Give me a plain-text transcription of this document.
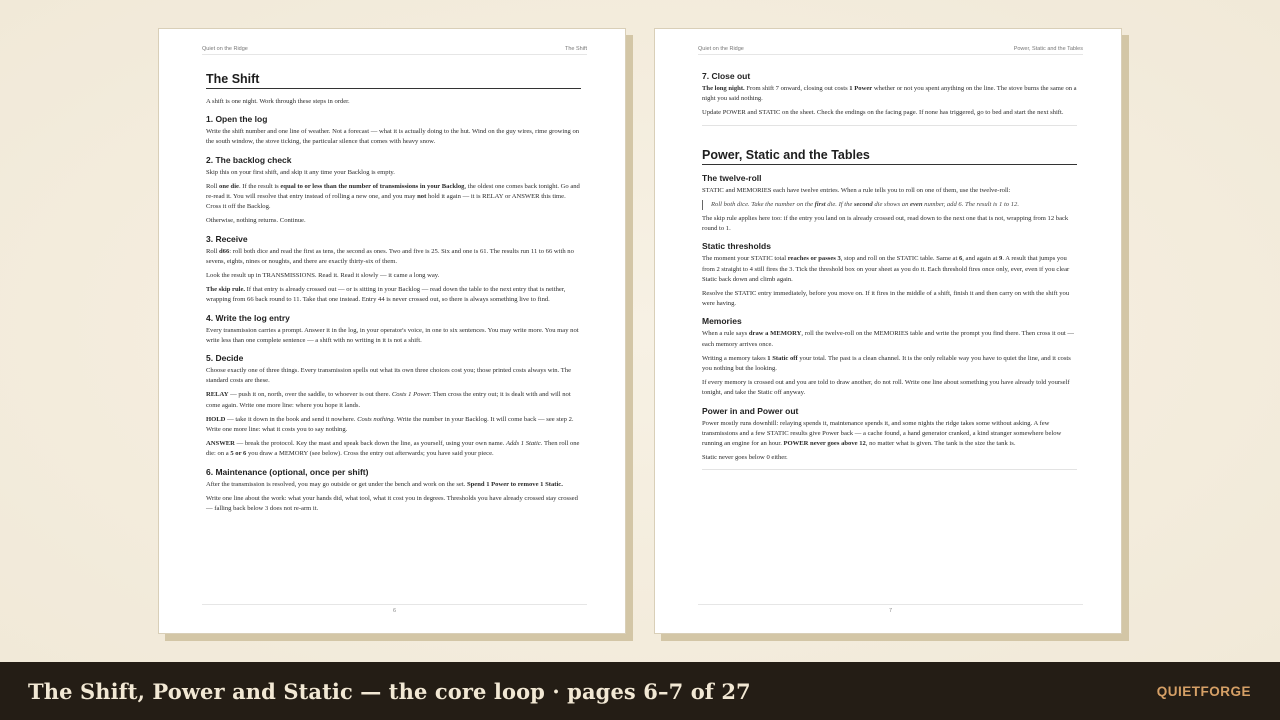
Quiet on the Ridge	The Shift
The Shift

A shift is one night. Work through these steps in order.

1. Open the log

Write the shift number and one line of weather. Not a forecast — what it is actually doing to the hut. Wind on the guy wires, rime growing on the south window, the stove ticking, the particular silence that comes with heavy snow.

2. The backlog check

Skip this on your first shift, and skip it any time your Backlog is empty.

Roll one die. If the result is equal to or less than the number of transmissions in your Backlog, the oldest one comes back tonight. Go and re-read it. You will resolve that entry instead of rolling a new one, and you may not hold it again — it is RELAY or ANSWER this time. Cross it off the Backlog.

Otherwise, nothing returns. Continue.

3. Receive

Roll d66: roll both dice and read the first as tens, the second as ones. Two and five is 25. Six and one is 61. The results run 11 to 66 with no sevens, eights, nines or noughts, and there are exactly thirty-six of them.

Look the result up in TRANSMISSIONS. Read it. Read it slowly — it came a long way.

The skip rule. If that entry is already crossed out — or is sitting in your Backlog — read down the table to the next entry that is neither, wrapping from 66 back round to 11. Take that one instead. Entry 44 is never crossed out, so there is always something live to find.

4. Write the log entry

Every transmission carries a prompt. Answer it in the log, in your operator's voice, in one to six sentences. You may write more. You may not write less than one complete sentence — a shift with no writing in it is not a shift.

5. Decide

Choose exactly one of three things. Every transmission spells out what its own three choices cost you; those printed costs always win. The standard costs are these.

RELAY — push it on, north, over the saddle, to whoever is out there. Costs 1 Power. Then cross the entry out; it is dealt with and will not come again. Write one more line: where you hope it lands.

HOLD — take it down in the book and send it nowhere. Costs nothing. Write the number in your Backlog. It will come back — see step 2. Write one more line: what it costs you to say nothing.

ANSWER — break the protocol. Key the mast and speak back down the line, as yourself, using your own name. Adds 1 Static. Then roll one die: on a 5 or 6 you draw a MEMORY (see below). Cross the entry out afterwards; you have said your piece.

6. Maintenance (optional, once per shift)

After the transmission is resolved, you may go outside or get under the bench and work on the set. Spend 1 Power to remove 1 Static.

Write one line about the work: what your hands did, what tool, what it cost you in degrees. Thresholds you have already crossed stay crossed — falling back below 3 does not re-arm it.

6
Quiet on the Ridge	Power, Static and the Tables
7. Close out

The long night. From shift 7 onward, closing out costs 1 Power whether or not you spent anything on the line. The stove burns the same on a night you said nothing.

Update POWER and STATIC on the sheet. Check the endings on the facing page. If none has triggered, go to bed and start the next shift.

Power, Static and the Tables
The twelve-roll

STATIC and MEMORIES each have twelve entries. When a rule tells you to roll on one of them, use the twelve-roll:

Roll both dice. Take the number on the first die. If the second die shows an even number, add 6. The result is 1 to 12.

The skip rule applies here too: if the entry you land on is already crossed out, read down to the next one that is not, wrapping from 12 back round to 1.

Static thresholds

The moment your STATIC total reaches or passes 3, stop and roll on the STATIC table. Same at 6, and again at 9. A result that jumps you from 2 straight to 4 still fires the 3. Tick the threshold box on your sheet as you do it. Each threshold fires once only, ever, even if you clear Static back down and climb again.

Resolve the STATIC entry immediately, before you move on. If it fires in the middle of a shift, finish it and then carry on with the shift you were having.

Memories

When a rule says draw a MEMORY, roll the twelve-roll on the MEMORIES table and write the prompt you find there. Then cross it out — each memory arrives once.

Writing a memory takes 1 Static off your total. The past is a clean channel. It is the only reliable way you have to quiet the line, and it costs you nothing but the looking.

If every memory is crossed out and you are told to draw another, do not roll. Write one line about something you have already told yourself tonight, and take the Static off anyway.

Power in and Power out

Power mostly runs downhill: relaying spends it, maintenance spends it, and some nights the ridge takes some without asking. A few transmissions and a few STATIC results give Power back — a cache found, a hand generator cranked, a kind stranger somewhere below running an engine for an hour. POWER never goes above 12, no matter what is given. The tank is the size the tank is.

Static never goes below 0 either.

7
The Shift, Power and Static — the core loop · pages 6–7 of 27	QUIETFORGE
